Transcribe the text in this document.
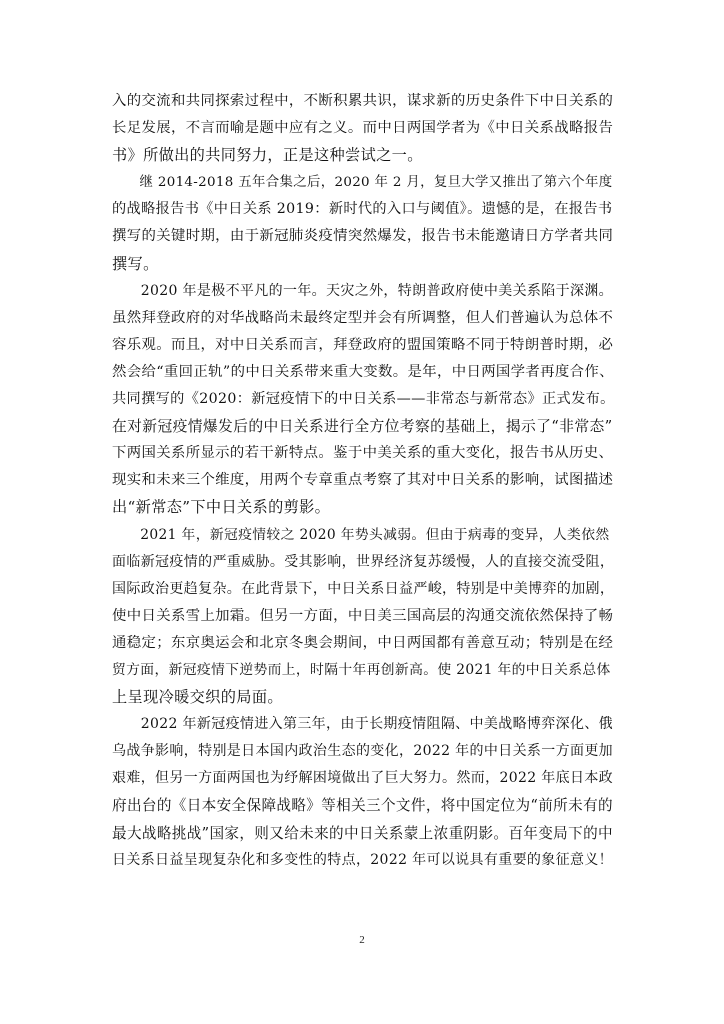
入的交流和共同探索过程中，不断积累共识，谋求新的历史条件下中日关系的
长足发展，不言而喻是题中应有之义。而中日两国学者为《中日关系战略报告
书》所做出的共同努力，正是这种尝试之一。
　　继 2014-2018 五年合集之后，2020 年 2 月，复旦大学又推出了第六个年度
的战略报告书《中日关系 2019：新时代的入口与阈值》。遗憾的是，在报告书
撰写的关键时期，由于新冠肺炎疫情突然爆发，报告书未能邀请日方学者共同
撰写。
　　2020 年是极不平凡的一年。天灾之外，特朗普政府使中美关系陷于深渊。
虽然拜登政府的对华战略尚未最终定型并会有所调整，但人们普遍认为总体不
容乐观。而且，对中日关系而言，拜登政府的盟国策略不同于特朗普时期，必
然会给“重回正轨”的中日关系带来重大变数。是年，中日两国学者再度合作、
共同撰写的《2020：新冠疫情下的中日关系——非常态与新常态》正式发布。
在对新冠疫情爆发后的中日关系进行全方位考察的基础上，揭示了“非常态”
下两国关系所显示的若干新特点。鉴于中美关系的重大变化，报告书从历史、
现实和未来三个维度，用两个专章重点考察了其对中日关系的影响，试图描述
出“新常态”下中日关系的剪影。
　　2021 年，新冠疫情较之 2020 年势头减弱。但由于病毒的变异，人类依然
面临新冠疫情的严重威胁。受其影响，世界经济复苏缓慢，人的直接交流受阻，
国际政治更趋复杂。在此背景下，中日关系日益严峻，特别是中美博弈的加剧，
使中日关系雪上加霜。但另一方面，中日美三国高层的沟通交流依然保持了畅
通稳定；东京奥运会和北京冬奥会期间，中日两国都有善意互动；特别是在经
贸方面，新冠疫情下逆势而上，时隔十年再创新高。使 2021 年的中日关系总体
上呈现冷暖交织的局面。
　　2022 年新冠疫情进入第三年，由于长期疫情阻隔、中美战略博弈深化、俄
乌战争影响，特别是日本国内政治生态的变化，2022 年的中日关系一方面更加
艰难，但另一方面两国也为纾解困境做出了巨大努力。然而，2022 年底日本政
府出台的《日本安全保障战略》等相关三个文件，将中国定位为“前所未有的
最大战略挑战”国家，则又给未来的中日关系蒙上浓重阴影。百年变局下的中
日关系日益呈现复杂化和多变性的特点，2022 年可以说具有重要的象征意义！
2
